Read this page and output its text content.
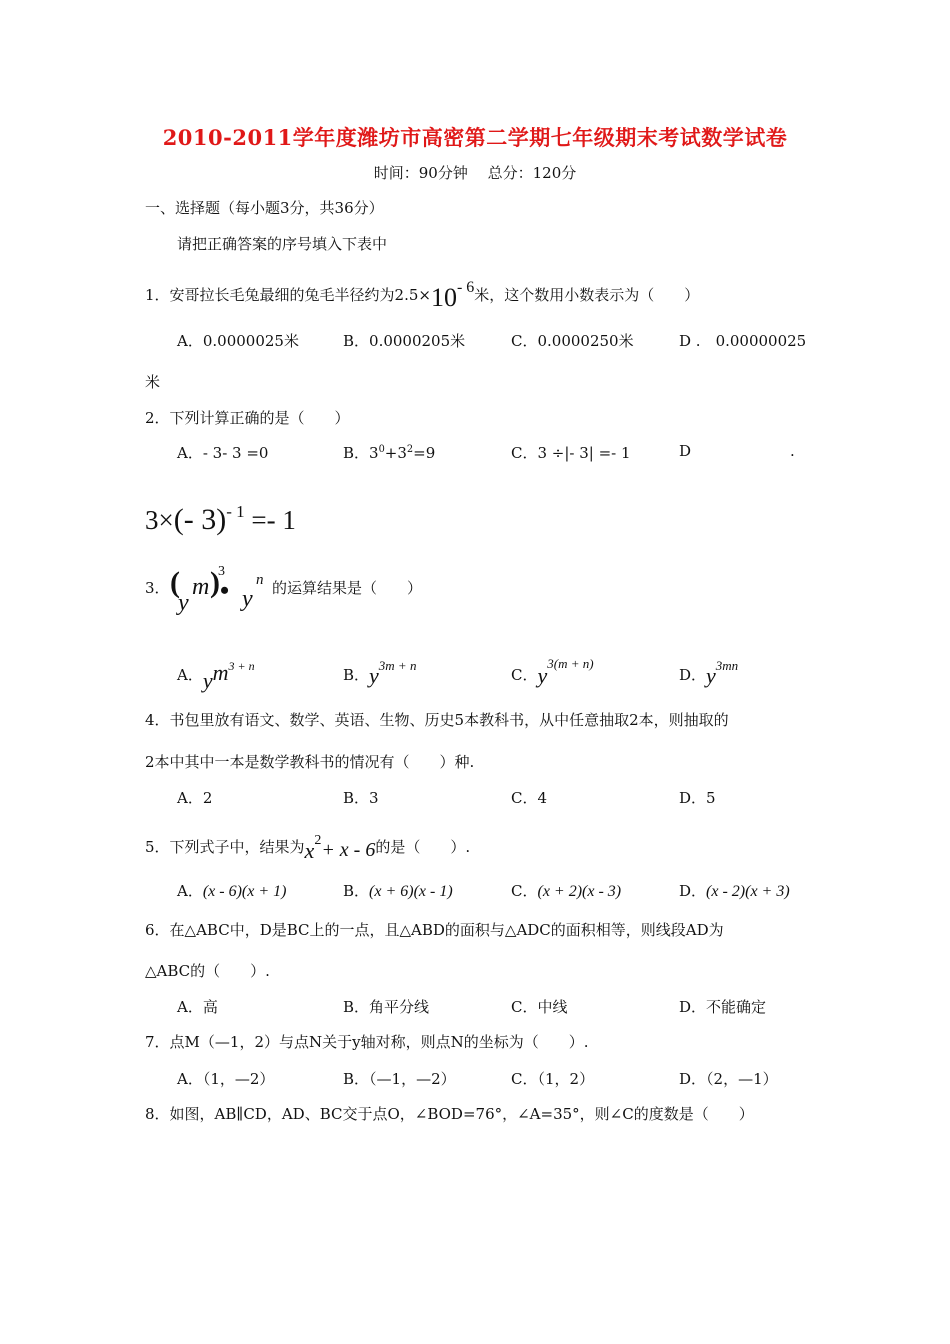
2010-2011学年度潍坊市高密第二学期七年级期末考试数学试卷
时间：90分钟　 总分：120分
一、选择题（每小题3分，共36分）
请把正确答案的序号填入下表中
1．安哥拉长毛兔最细的兔毛半径约为2.5×10- 6米，这个数用小数表示为（　　）
A．0.0000025米	B．0.0000205米	C．0.0000250米	D .　0.00000025
米
2．下列计算正确的是（　　）
A．- 3- 3 =0	B．$3^0+3^2=9$	C．3 ÷|- 3| =- 1	D	.
3×(- 3)$^{- 1}$ =- 1
3． (
y
m )
3
• y
n 的运算结果是（　　）
A．$ym^{3 + n}$	B．y3m + n
C．y3(m + n)
D．y3mn
4．书包里放有语文、数学、英语、生物、历史5本教科书，从中任意抽取2本，则抽取的
2本中其中一本是数学教科书的情况有（　　）种.
A．2	B．3	C．4	D．5
5．下列式子中，结果为x2+ x - 6的是（　　）.
A．(x - 6)(x + 1)	B．(x + 6)(x - 1)	C．(x + 2)(x - 3)	D．(x - 2)(x + 3)
6．在△ABC中，D是BC上的一点，且△ABD的面积与△ADC的面积相等，则线段AD为
△ABC的（　　）.
A．高	B．角平分线	C．中线	D．不能确定
7．点M（—1，2）与点N关于y轴对称，则点N的坐标为（　　）.
A．（1，—2）	B．（—1，—2）	C．（1，2）	D．（2，—1）
8．如图，AB∥CD，AD、BC交于点O，∠BOD=76°，∠A=35°，则∠C的度数是（　　）
